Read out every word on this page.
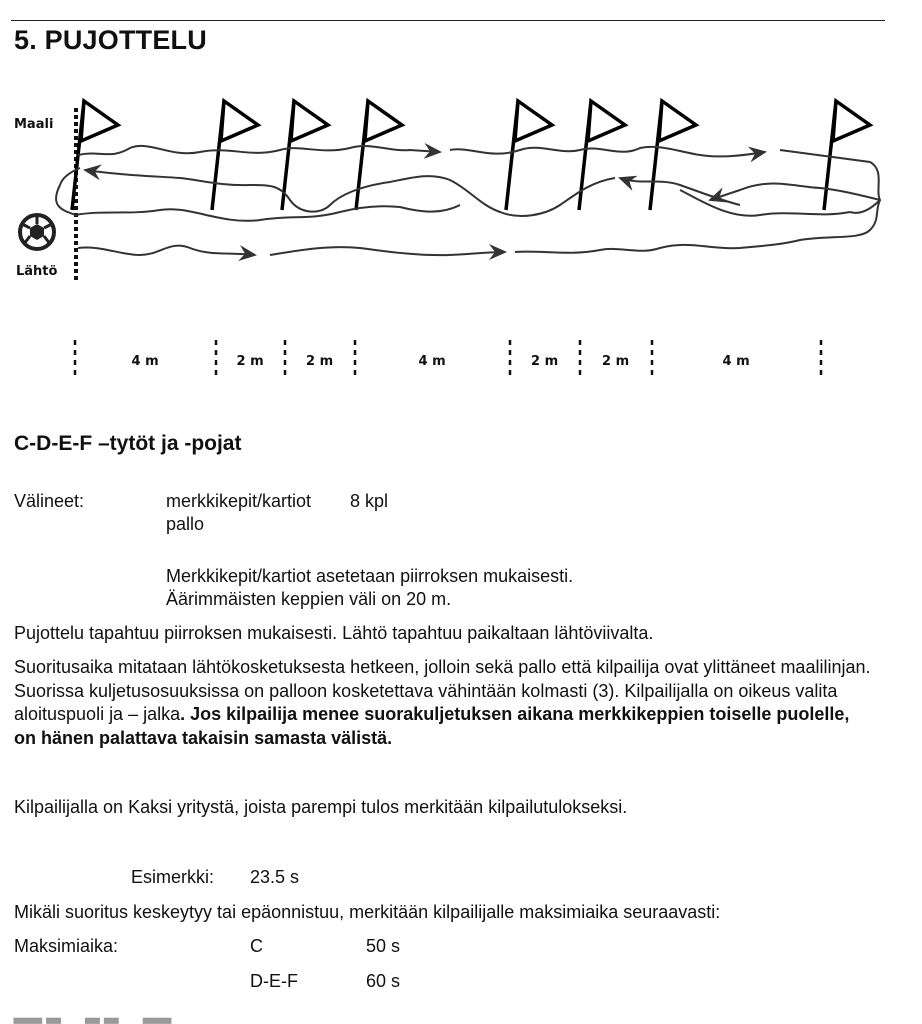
5. PUJOTTELU
Maali
Lähtö
4 m	2 m	2 m	4 m	2 m	2 m	4 m
C-D-E-F –tytöt ja -pojat
Välineet:	merkkikepit/kartiot 8 kpl
pallo
Merkkikepit/kartiot asetetaan piirroksen mukaisesti.
Äärimmäisten keppien väli on 20 m.
Pujottelu tapahtuu piirroksen mukaisesti. Lähtö tapahtuu paikaltaan lähtöviivalta.
Suoritusaika mitataan lähtökosketuksesta hetkeen, jolloin sekä pallo että kilpailija ovat ylittäneet maalilinjan. Suorissa kuljetusosuuksissa on palloon kosketettava vähintään kolmasti (3). Kilpailijalla on oikeus valita aloituspuoli ja – jalka. Jos kilpailija menee suorakuljetuksen aikana merkkikeppien toiselle puolelle, on hänen palattava takaisin samasta välistä.
Kilpailijalla on Kaksi yritystä, joista parempi tulos merkitään kilpailutulokseksi.
Esimerkki: 23.5 s
Mikäli suoritus keskeytyy tai epäonnistuu, merkitään kilpailijalle maksimiaika seuraavasti:
Maksimiaika:	C	50 s
D-E-F	60 s
▂▂ ▂     ▂ ▂     ▂▂
